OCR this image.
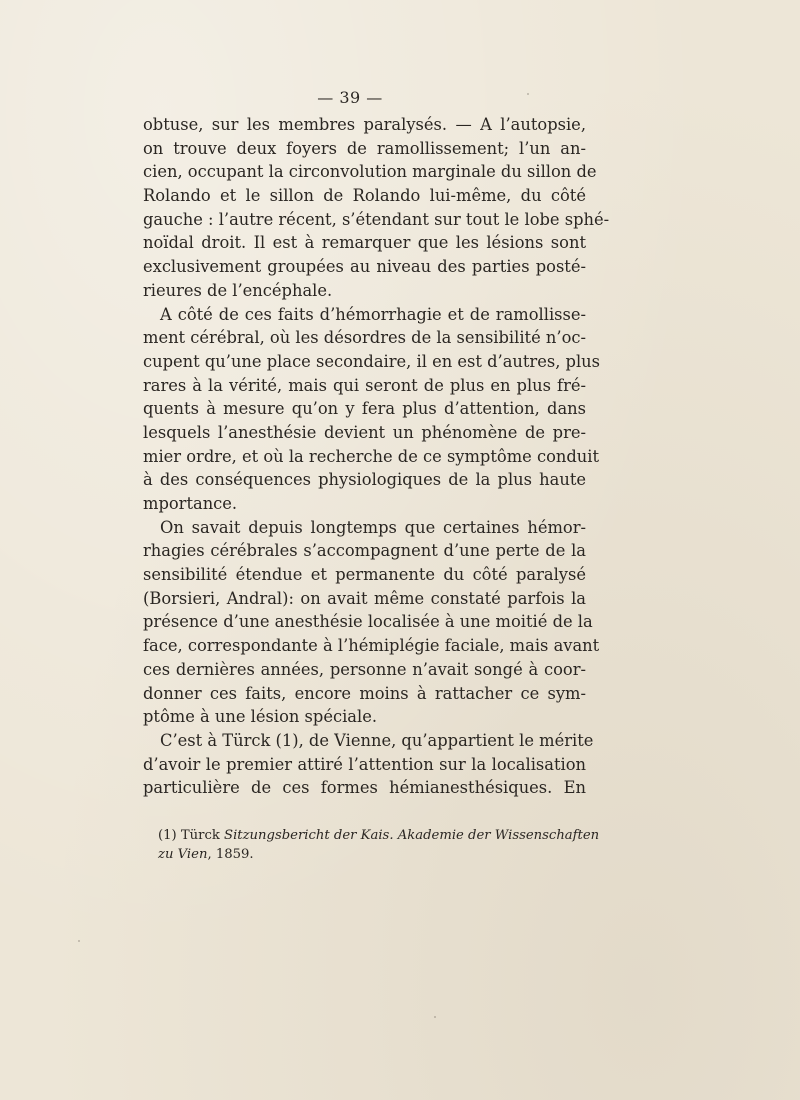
— 39 —
obtuse, sur les membres paralysés. — A l’autopsie,
on trouve deux foyers de ramollissement; l’un an-
cien, occupant la circonvolution marginale du sillon de
Rolando et le sillon de Rolando lui-même, du côté
gauche : l’autre récent, s’étendant sur tout le lobe sphé-
noïdal droit. Il est à remarquer que les lésions sont
exclusivement groupées au niveau des parties posté-
rieures de l’encéphale.
A côté de ces faits d’hémorrhagie et de ramollisse-
ment cérébral, où les désordres de la sensibilité n’oc-
cupent qu’une place secondaire, il en est d’autres, plus
rares à la vérité, mais qui seront de plus en plus fré-
quents à mesure qu’on y fera plus d’attention, dans
lesquels l’anesthésie devient un phénomène de pre-
mier ordre, et où la recherche de ce symptôme conduit
à des conséquences physiologiques de la plus haute
mportance.
On savait depuis longtemps que certaines hémor-
rhagies cérébrales s’accompagnent d’une perte de la
sensibilité étendue et permanente du côté paralysé
(Borsieri, Andral): on avait même constaté parfois la
présence d’une anesthésie localisée à une moitié de la
face, correspondante à l’hémiplégie faciale, mais avant
ces dernières années, personne n’avait songé à coor-
donner ces faits, encore moins à rattacher ce sym-
ptôme à une lésion spéciale.
C’est à Türck (1), de Vienne, qu’appartient le mérite
d’avoir le premier attiré l’attention sur la localisation
particulière de ces formes hémianesthésiques. En
(1) Türck Sitzungsbericht der Kais. Akademie der Wissenschaften
zu Vien, 1859.
